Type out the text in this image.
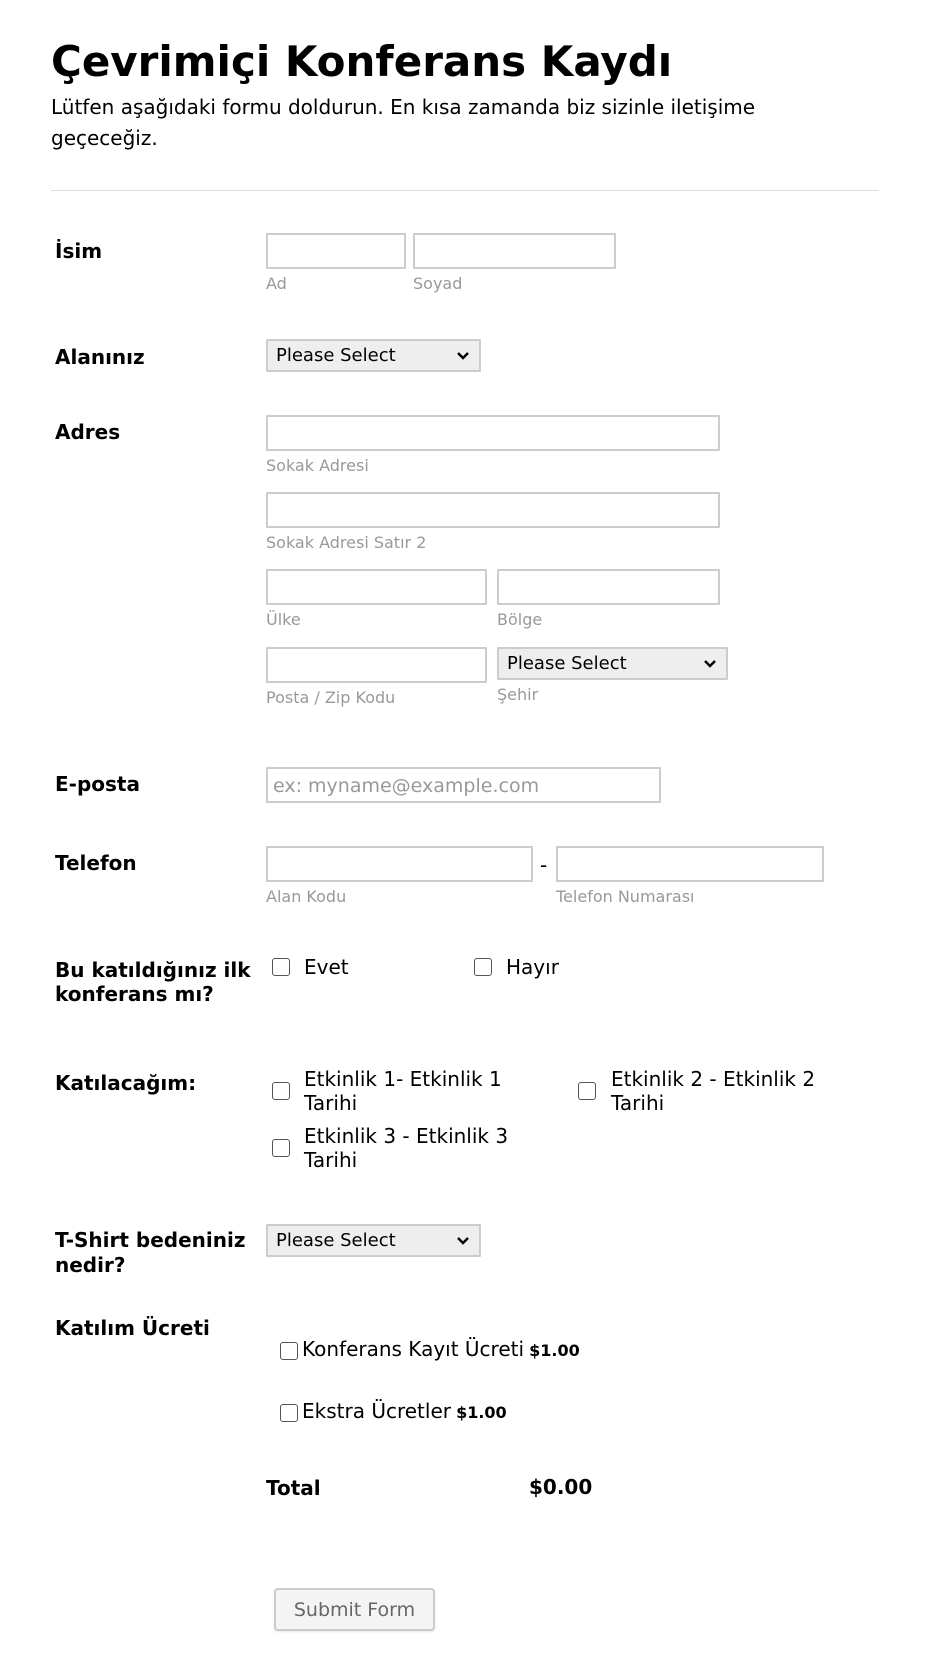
Çevrimiçi Konferans Kaydı
Lütfen aşağıdaki formu doldurun. En kısa zamanda biz sizinle iletişime geçeceğiz.
İsim
Ad	Soyad
Alanınız	Please Select
Adres
Sokak Adresi
Sokak Adresi Satır 2
Ülke	Bölge
Posta / Zip Kodu
Please Select
Şehir
E-posta	ex: myname@example.com
Telefon	-
Alan Kodu	Telefon Numarası
Bu katıldığınız ilk
konferans mı?
Evet	Hayır
Katılacağım:	Etkinlik 1- Etkinlik 1
Tarihi
Etkinlik 2 - Etkinlik 2
Tarihi
Etkinlik 3 - Etkinlik 3
Tarihi
T-Shirt bedeniniz
nedir?
Please Select
Katılım Ücreti
Konferans Kayıt Ücreti $1.00
Ekstra Ücretler $1.00
Total	$0.00
Submit Form
